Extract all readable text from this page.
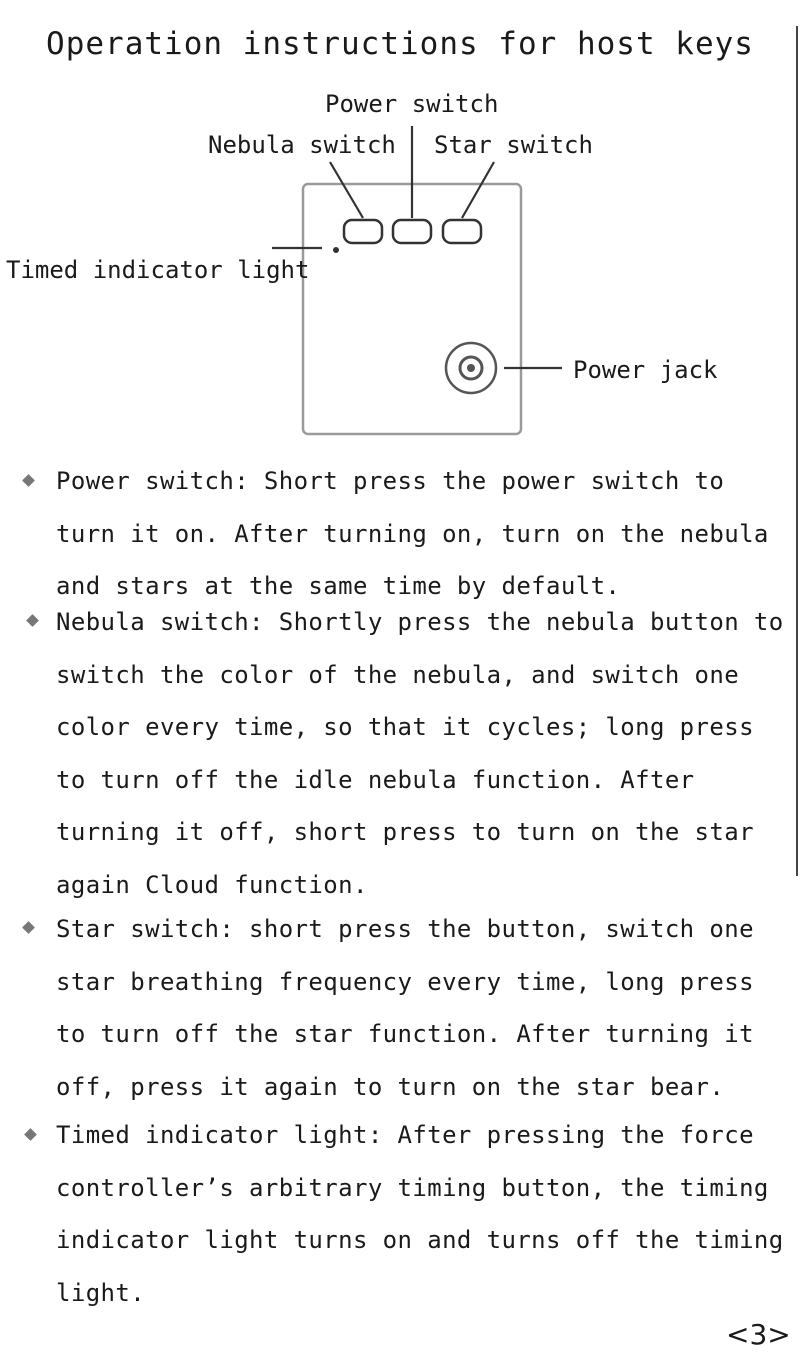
Operation instructions for host keys
Power switch
Nebula switch Star switch
Timed indicator light
Power jack

Power switch: Short press the power switch to turn it on. After turning on, turn on the nebula and stars at the same time by default.

Nebula switch: Shortly press the nebula button to switch the color of the nebula, and switch one color every time, so that it cycles; long press to turn off the idle nebula function. After turning it off, short press to turn on the star again Cloud function.

Star switch: short press the button, switch one star breathing frequency every time, long press to turn off the star function. After turning it off, press it again to turn on the star bear.

Timed indicator light: After pressing the force controller’s arbitrary timing button, the timing indicator light turns on and turns off the timing light.

<3>
